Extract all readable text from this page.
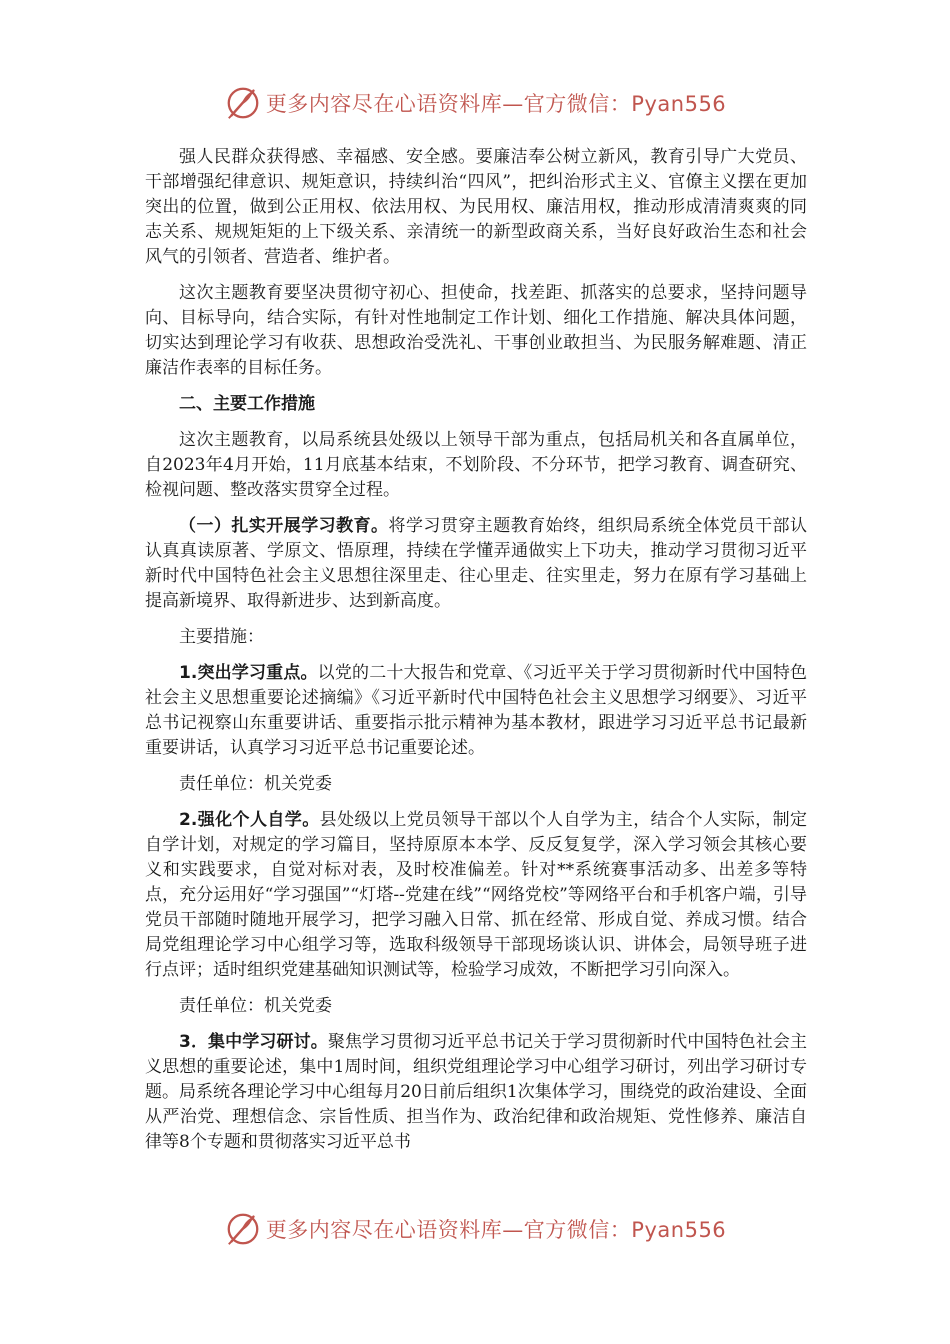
更多内容尽在心语资料库—官方微信：Pyan556

强人民群众获得感、幸福感、安全感。要廉洁奉公树立新风，教育引导广大党员、干部增强纪律意识、规矩意识，持续纠治“四风”，把纠治形式主义、官僚主义摆在更加突出的位置，做到公正用权、依法用权、为民用权、廉洁用权，推动形成清清爽爽的同志关系、规规矩矩的上下级关系、亲清统一的新型政商关系，当好良好政治生态和社会风气的引领者、营造者、维护者。

这次主题教育要坚决贯彻守初心、担使命，找差距、抓落实的总要求，坚持问题导向、目标导向，结合实际，有针对性地制定工作计划、细化工作措施、解决具体问题，切实达到理论学习有收获、思想政治受洗礼、干事创业敢担当、为民服务解难题、清正廉洁作表率的目标任务。

二、主要工作措施

这次主题教育，以局系统县处级以上领导干部为重点，包括局机关和各直属单位，自2023年4月开始，11月底基本结束，不划阶段、不分环节，把学习教育、调查研究、检视问题、整改落实贯穿全过程。

（一）扎实开展学习教育。将学习贯穿主题教育始终，组织局系统全体党员干部认认真真读原著、学原文、悟原理，持续在学懂弄通做实上下功夫，推动学习贯彻习近平新时代中国特色社会主义思想往深里走、往心里走、往实里走，努力在原有学习基础上提高新境界、取得新进步、达到新高度。

主要措施：

1.突出学习重点。以党的二十大报告和党章、《习近平关于学习贯彻新时代中国特色社会主义思想重要论述摘编》《习近平新时代中国特色社会主义思想学习纲要》、习近平总书记视察山东重要讲话、重要指示批示精神为基本教材，跟进学习习近平总书记最新重要讲话，认真学习习近平总书记重要论述。

责任单位：机关党委

2.强化个人自学。县处级以上党员领导干部以个人自学为主，结合个人实际，制定自学计划，对规定的学习篇目，坚持原原本本学、反反复复学，深入学习领会其核心要义和实践要求，自觉对标对表，及时校准偏差。针对**系统赛事活动多、出差多等特点，充分运用好“学习强国”“灯塔--党建在线”“网络党校”等网络平台和手机客户端，引导党员干部随时随地开展学习，把学习融入日常、抓在经常、形成自觉、养成习惯。结合局党组理论学习中心组学习等，选取科级领导干部现场谈认识、讲体会，局领导班子进行点评；适时组织党建基础知识测试等，检验学习成效，不断把学习引向深入。

责任单位：机关党委

3．集中学习研讨。聚焦学习贯彻习近平总书记关于学习贯彻新时代中国特色社会主义思想的重要论述，集中1周时间，组织党组理论学习中心组学习研讨，列出学习研讨专题。局系统各理论学习中心组每月20日前后组织1次集体学习，围绕党的政治建设、全面从严治党、理想信念、宗旨性质、担当作为、政治纪律和政治规矩、党性修养、廉洁自律等8个专题和贯彻落实习近平总书

更多内容尽在心语资料库—官方微信：Pyan556
